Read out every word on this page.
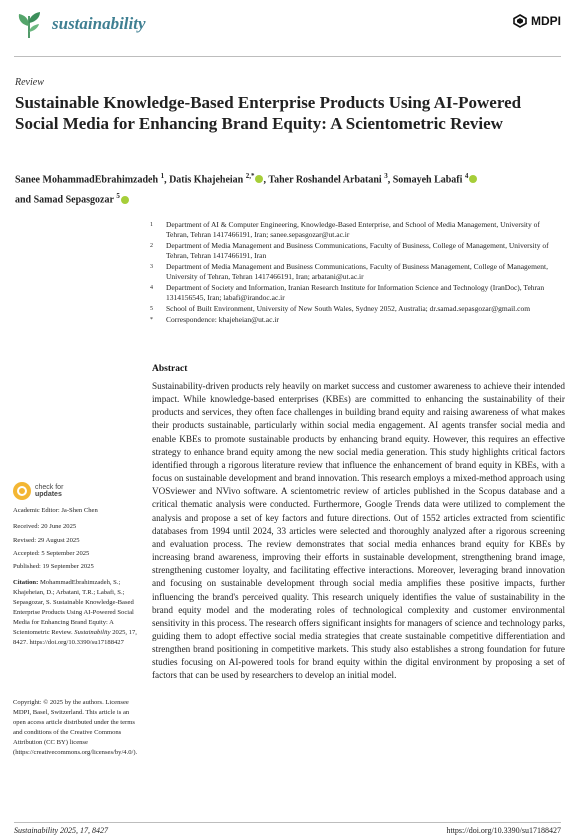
sustainability	MDPI
Review
Sustainable Knowledge-Based Enterprise Products Using AI-Powered Social Media for Enhancing Brand Equity: A Scientometric Review
Sanee MohammadEbrahimzadeh $^1$, Datis Khajeheian $^{2,*}$ , Taher Roshandel Arbatani $^3$, Somayeh Labafi $^4$
and Samad Sepasgozar $^5$
1	Department of AI & Computer Engineering, Knowledge-Based Enterprise, and School of Media Management, University of Tehran, Tehran 1417466191, Iran; sanee.sepasgozar@ut.ac.ir
2	Department of Media Management and Business Communications, Faculty of Business, College of Management, University of Tehran, Tehran 1417466191, Iran
3	Department of Media Management and Business Communications, Faculty of Business Management, College of Management, University of Tehran, Tehran 1417466191, Iran; arbatani@ut.ac.ir
4	Department of Society and Information, Iranian Research Institute for Information Science and Technology (IranDoc), Tehran 1314156545, Iran; labafi@irandoc.ac.ir
5	School of Built Environment, University of New South Wales, Sydney 2052, Australia; dr.samad.sepasgozar@gmail.com
*	Correspondence: khajeheian@ut.ac.ir
Abstract
Sustainability-driven products rely heavily on market success and customer awareness to achieve their intended impact. While knowledge-based enterprises (KBEs) are committed to enhancing the sustainability of their products and services, they often face challenges in building brand equity and raising awareness of what makes their products sustainable, particularly within social media engagement. AI agents transfer social media and enable KBEs to promote sustainable products by enhancing brand equity. However, this requires an effective strategy to enhance brand equity among the new social media generation. This study highlights critical factors identified through a rigorous literature review that influence the enhancement of brand equity in KBEs, with a focus on sustainable development and brand innovation. This research employs a mixed-method approach using VOSviewer and NVivo software. A scientometric review of articles published in the Scopus database and a critical thematic analysis were conducted. Furthermore, Google Trends data were utilized to complement the analysis and propose a set of key factors and future directions. Out of 1552 articles extracted from scientific databases from 1994 until 2024, 33 articles were selected and thoroughly analyzed after a rigorous screening and evaluation process. The review demonstrates that social media enhances brand equity for KBEs by increasing brand awareness, improving their efforts in sustainable development, strengthening brand image, strengthening customer loyalty, and facilitating effective interactions. Moreover, leveraging brand innovation and focusing on sustainable development through social media amplifies these positive impacts, further influencing the brand's perceived quality. This research uniquely identifies the value of sustainability in the brand equity model and the moderating roles of technological complexity and customer environmental sensitivity in this process. The research offers significant insights for managers of science and technology parks, guiding them to adopt effective social media strategies that create sustainable competitive differentiation and strengthen brand positioning in competitive markets. This study also establishes a strong foundation for future studies focusing on AI-powered tools for brand equity within the digital environment by proposing a set of factors that can be used by researchers to develop an initial model.
check for
updates
Academic Editor: Ja-Shen Chen
Received: 20 June 2025
Revised: 29 August 2025
Accepted: 5 September 2025
Published: 19 September 2025
Citation: MohammadEbrahimzadeh, S.; Khajeheian, D.; Arbatani, T.R.; Labafi, S.; Sepasgozar, S. Sustainable Knowledge-Based Enterprise Products Using AI-Powered Social Media for Enhancing Brand Equity: A Scientometric Review. Sustainability 2025, 17, 8427. https://doi.org/10.3390/su17188427
Copyright: © 2025 by the authors. Licensee MDPI, Basel, Switzerland. This article is an open access article distributed under the terms and conditions of the Creative Commons Attribution (CC BY) license (https://creativecommons.org/licenses/by/4.0/).
Sustainability 2025, 17, 8427	https://doi.org/10.3390/su17188427
